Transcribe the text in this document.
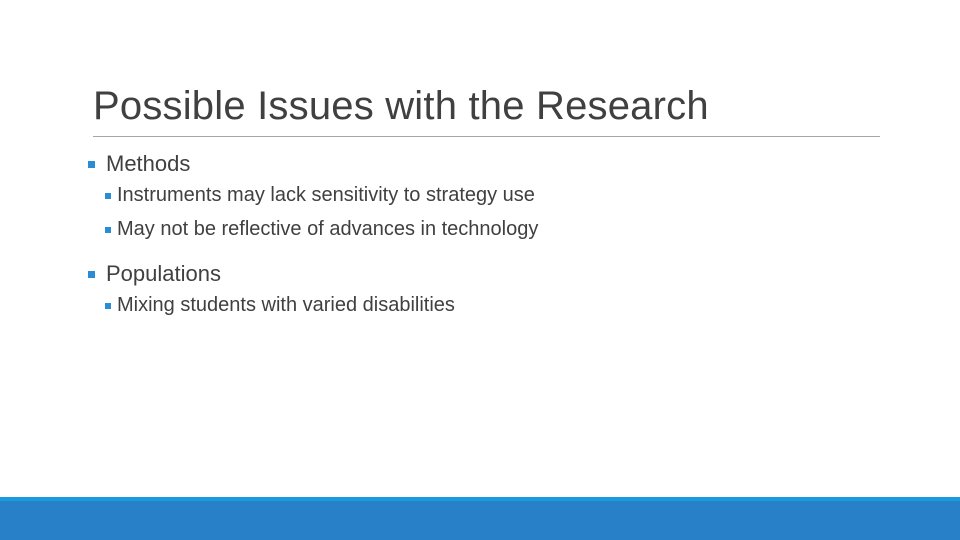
Possible Issues with the Research
Methods
Instruments may lack sensitivity to strategy use
May not be reflective of advances in technology
Populations
Mixing students with varied disabilities
